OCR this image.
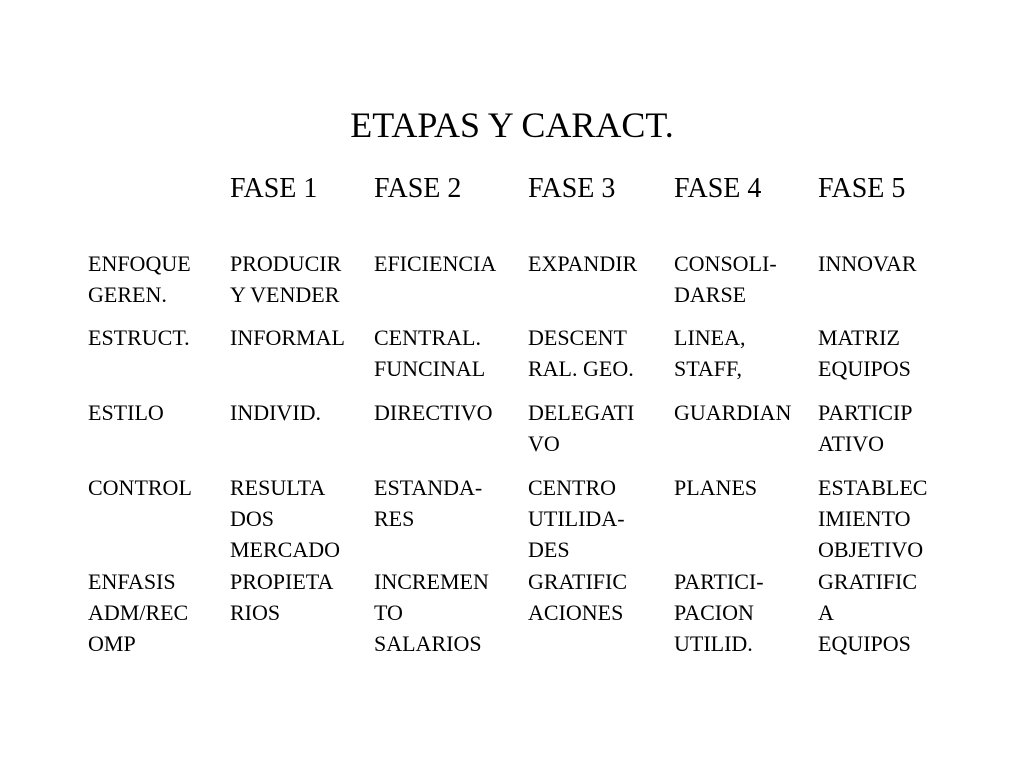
ETAPAS Y CARACT.
FASE 1 FASE 2 FASE 3 FASE 4 FASE 5
ENFOQUE
GEREN.
PRODUCIR
Y VENDER
EFICIENCIA EXPANDIR CONSOLI-
DARSE
INNOVAR
ESTRUCT. INFORMAL CENTRAL.
FUNCINAL
DESCENT
RAL. GEO.
LINEA,
STAFF,
MATRIZ
EQUIPOS
ESTILO	INDIVID. DIRECTIVO DELEGATI
VO
GUARDIAN PARTICIP
ATIVO
CONTROL RESULTA
DOS
MERCADO
ESTANDA-
RES
CENTRO
UTILIDA-
DES
PLANES	ESTABLEC
IMIENTO
OBJETIVO
ENFASIS
ADM/REC
OMP
PROPIETA
RIOS
INCREMEN
TO
SALARIOS
GRATIFIC
ACIONES
PARTICI-
PACION
UTILID.
GRATIFIC
A
EQUIPOS
